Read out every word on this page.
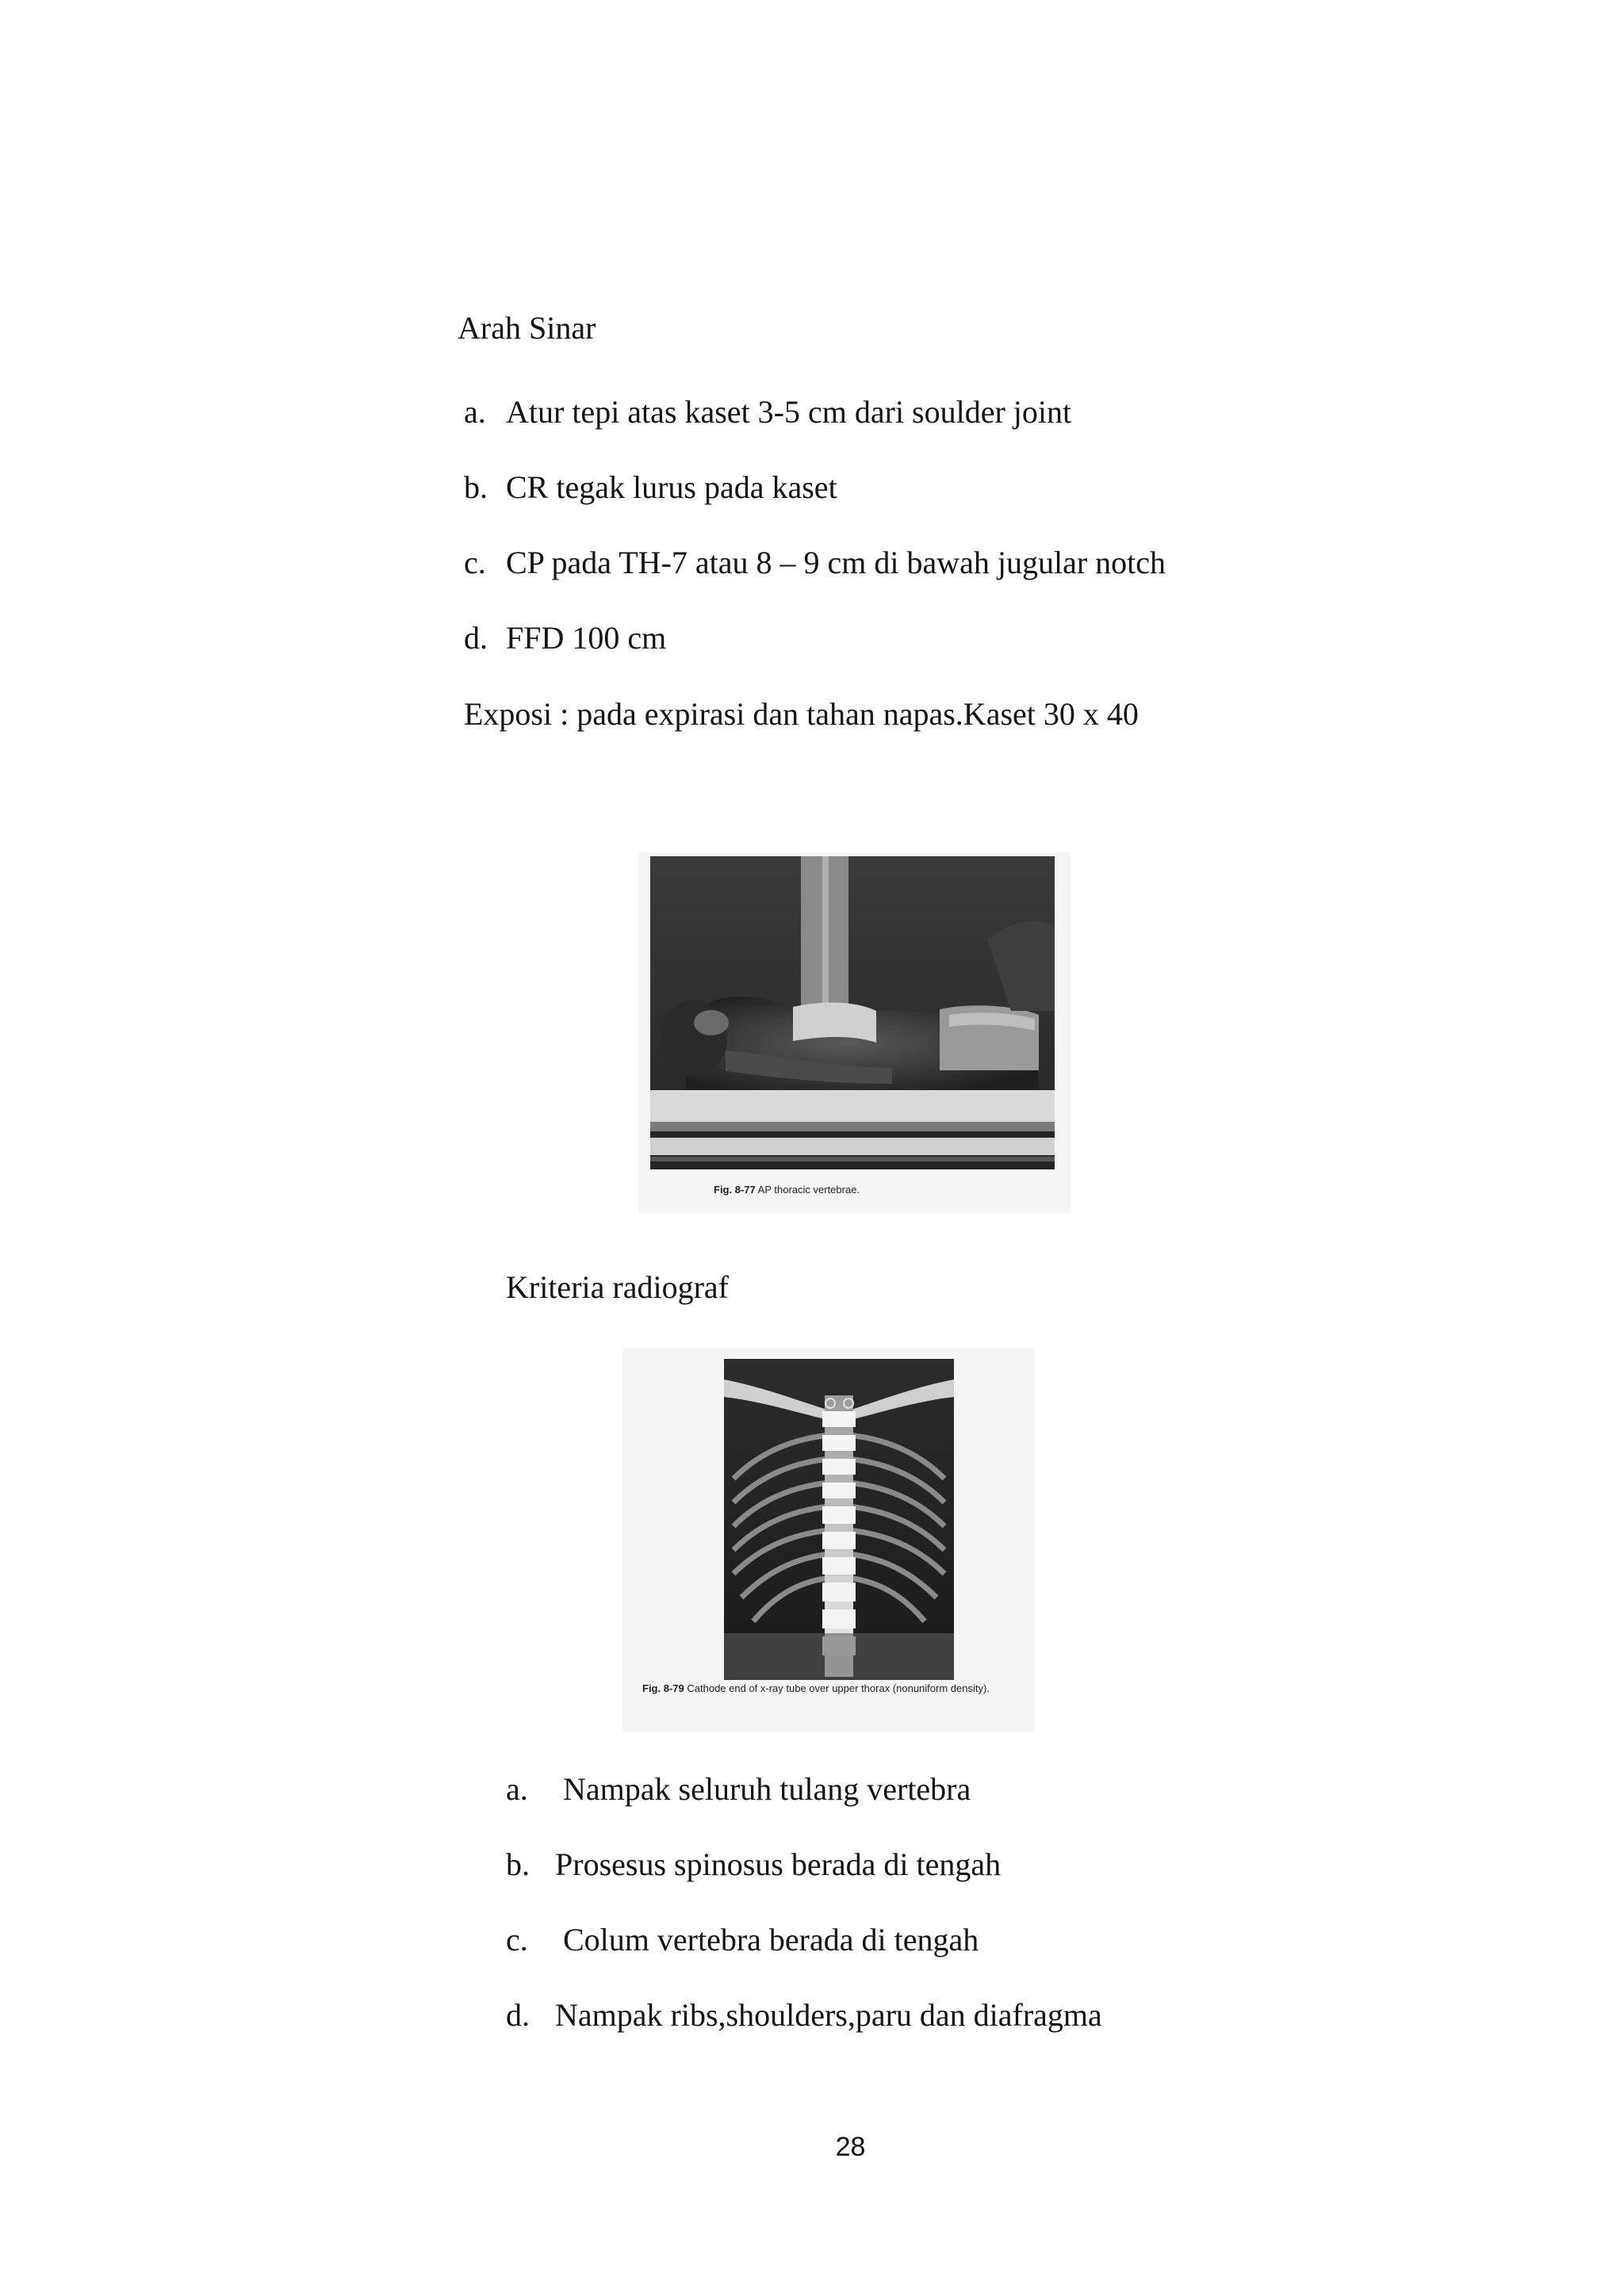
Arah Sinar
a. Atur tepi atas kaset 3-5 cm dari soulder joint
b. CR tegak lurus pada kaset
c. CP pada TH-7 atau 8 – 9 cm di bawah jugular notch
d. FFD 100 cm

Exposi : pada expirasi dan tahan napas.Kaset 30 x 40

Fig. 8-77 AP thoracic vertebrae.

Kriteria radiograf

Fig. 8-79 Cathode end of x-ray tube over upper thorax (nonuniform density).
a. Nampak seluruh tulang vertebra
b. Prosesus spinosus berada di tengah
c. Colum vertebra berada di tengah
d. Nampak ribs,shoulders,paru dan diafragma
28
